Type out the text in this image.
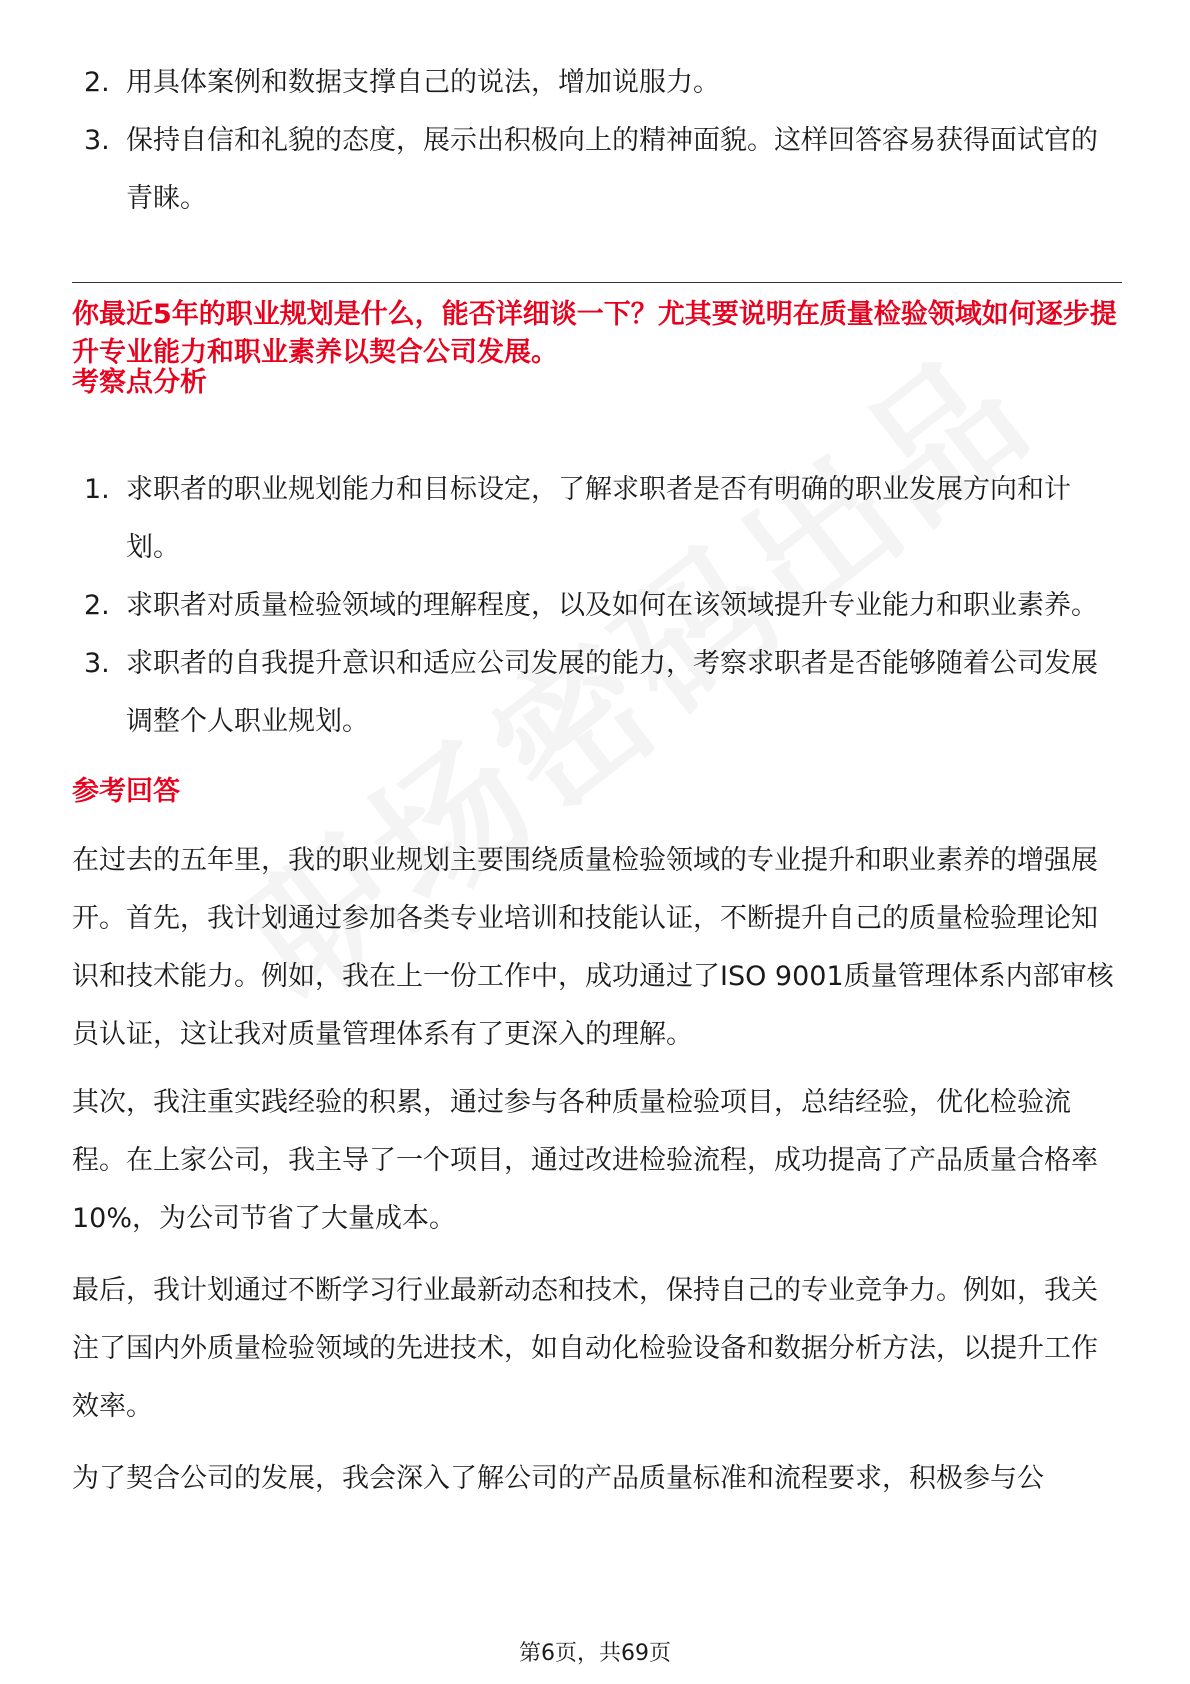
2. 用具体案例和数据支撑自己的说法，增加说服力。
3. 保持自信和礼貌的态度，展示出积极向上的精神面貌。这样回答容易获得面试官的青睐。
你最近5年的职业规划是什么，能否详细谈一下？尤其要说明在质量检验领域如何逐步提升专业能力和职业素养以契合公司发展。
考察点分析
1. 求职者的职业规划能力和目标设定，了解求职者是否有明确的职业发展方向和计划。
2. 求职者对质量检验领域的理解程度，以及如何在该领域提升专业能力和职业素养。
3. 求职者的自我提升意识和适应公司发展的能力，考察求职者是否能够随着公司发展调整个人职业规划。
参考回答
在过去的五年里，我的职业规划主要围绕质量检验领域的专业提升和职业素养的增强展开。首先，我计划通过参加各类专业培训和技能认证，不断提升自己的质量检验理论知识和技术能力。例如，我在上一份工作中，成功通过了ISO 9001质量管理体系内部审核员认证，这让我对质量管理体系有了更深入的理解。
其次，我注重实践经验的积累，通过参与各种质量检验项目，总结经验，优化检验流程。在上家公司，我主导了一个项目，通过改进检验流程，成功提高了产品质量合格率10%，为公司节省了大量成本。
最后，我计划通过不断学习行业最新动态和技术，保持自己的专业竞争力。例如，我关注了国内外质量检验领域的先进技术，如自动化检验设备和数据分析方法，以提升工作效率。
为了契合公司的发展，我会深入了解公司的产品质量标准和流程要求，积极参与公
第6页，共69页
